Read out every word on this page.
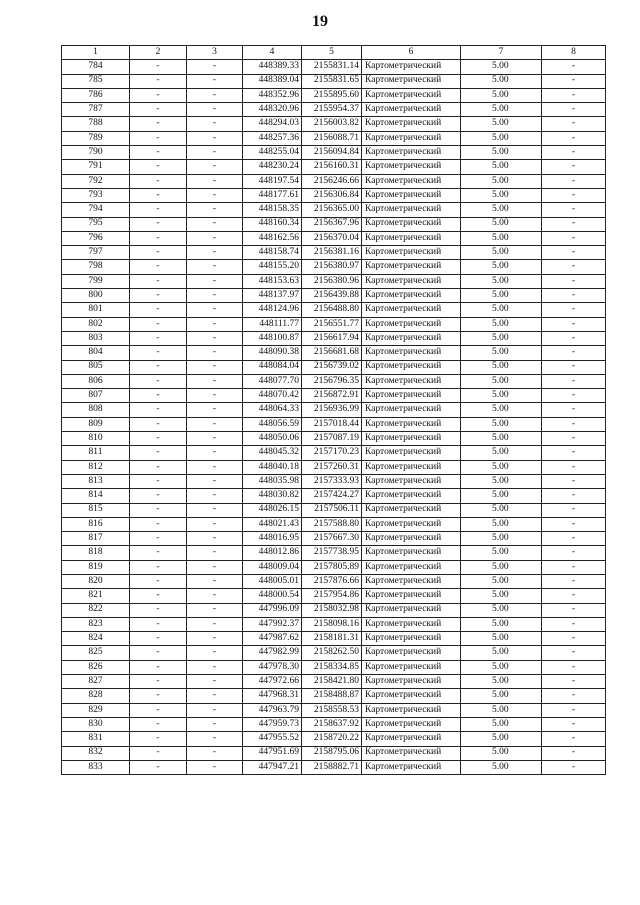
19
1	2	3	4	5	6	7	8
784	-	-	448389.33	2155831.14	Картометрический	5.00	-
785	-	-	448389.04	2155831.65	Картометрический	5.00	-
786	-	-	448352.96	2155895.60	Картометрический	5.00	-
787	-	-	448320.96	2155954.37	Картометрический	5.00	-
788	-	-	448294.03	2156003.82	Картометрический	5.00	-
789	-	-	448257.36	2156088.71	Картометрический	5.00	-
790	-	-	448255.04	2156094.84	Картометрический	5.00	-
791	-	-	448230.24	2156160.31	Картометрический	5.00	-
792	-	-	448197.54	2156246.66	Картометрический	5.00	-
793	-	-	448177.61	2156306.84	Картометрический	5.00	-
794	-	-	448158.35	2156365.00	Картометрический	5.00	-
795	-	-	448160.34	2156367.96	Картометрический	5.00	-
796	-	-	448162.56	2156370.04	Картометрический	5.00	-
797	-	-	448158.74	2156381.16	Картометрический	5.00	-
798	-	-	448155.20	2156380.97	Картометрический	5.00	-
799	-	-	448153.63	2156380.96	Картометрический	5.00	-
800	-	-	448137.97	2156439.88	Картометрический	5.00	-
801	-	-	448124.96	2156488.80	Картометрический	5.00	-
802	-	-	448111.77	2156551.77	Картометрический	5.00	-
803	-	-	448100.87	2156617.94	Картометрический	5.00	-
804	-	-	448090.38	2156681.68	Картометрический	5.00	-
805	-	-	448084.04	2156739.02	Картометрический	5.00	-
806	-	-	448077.70	2156796.35	Картометрический	5.00	-
807	-	-	448070.42	2156872.91	Картометрический	5.00	-
808	-	-	448064.33	2156936.99	Картометрический	5.00	-
809	-	-	448056.59	2157018.44	Картометрический	5.00	-
810	-	-	448050.06	2157087.19	Картометрический	5.00	-
811	-	-	448045.32	2157170.23	Картометрический	5.00	-
812	-	-	448040.18	2157260.31	Картометрический	5.00	-
813	-	-	448035.98	2157333.93	Картометрический	5.00	-
814	-	-	448030.82	2157424.27	Картометрический	5.00	-
815	-	-	448026.15	2157506.11	Картометрический	5.00	-
816	-	-	448021.43	2157588.80	Картометрический	5.00	-
817	-	-	448016.95	2157667.30	Картометрический	5.00	-
818	-	-	448012.86	2157738.95	Картометрический	5.00	-
819	-	-	448009.04	2157805.89	Картометрический	5.00	-
820	-	-	448005.01	2157876.66	Картометрический	5.00	-
821	-	-	448000.54	2157954.86	Картометрический	5.00	-
822	-	-	447996.09	2158032.98	Картометрический	5.00	-
823	-	-	447992.37	2158098.16	Картометрический	5.00	-
824	-	-	447987.62	2158181.31	Картометрический	5.00	-
825	-	-	447982.99	2158262.50	Картометрический	5.00	-
826	-	-	447978.30	2158334.85	Картометрический	5.00	-
827	-	-	447972.66	2158421.80	Картометрический	5.00	-
828	-	-	447968.31	2158488.87	Картометрический	5.00	-
829	-	-	447963.79	2158558.53	Картометрический	5.00	-
830	-	-	447959.73	2158637.92	Картометрический	5.00	-
831	-	-	447955.52	2158720.22	Картометрический	5.00	-
832	-	-	447951.69	2158795.06	Картометрический	5.00	-
833	-	-	447947.21	2158882.71	Картометрический	5.00	-
